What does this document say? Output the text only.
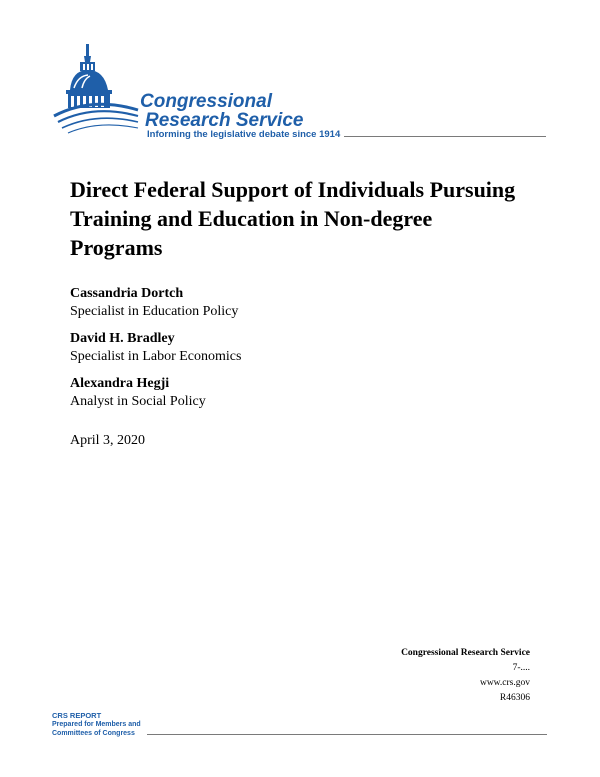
Congressional
Research Service
Informing the legislative debate since 1914
Direct Federal Support of Individuals Pursuing Training and Education in Non-degree Programs
Cassandria Dortch
Specialist in Education Policy
David H. Bradley
Specialist in Labor Economics
Alexandra Hegji
Analyst in Social Policy
April 3, 2020
Congressional Research Service
7-....
www.crs.gov
R46306
CRS REPORT
Prepared for Members and
Committees of Congress
